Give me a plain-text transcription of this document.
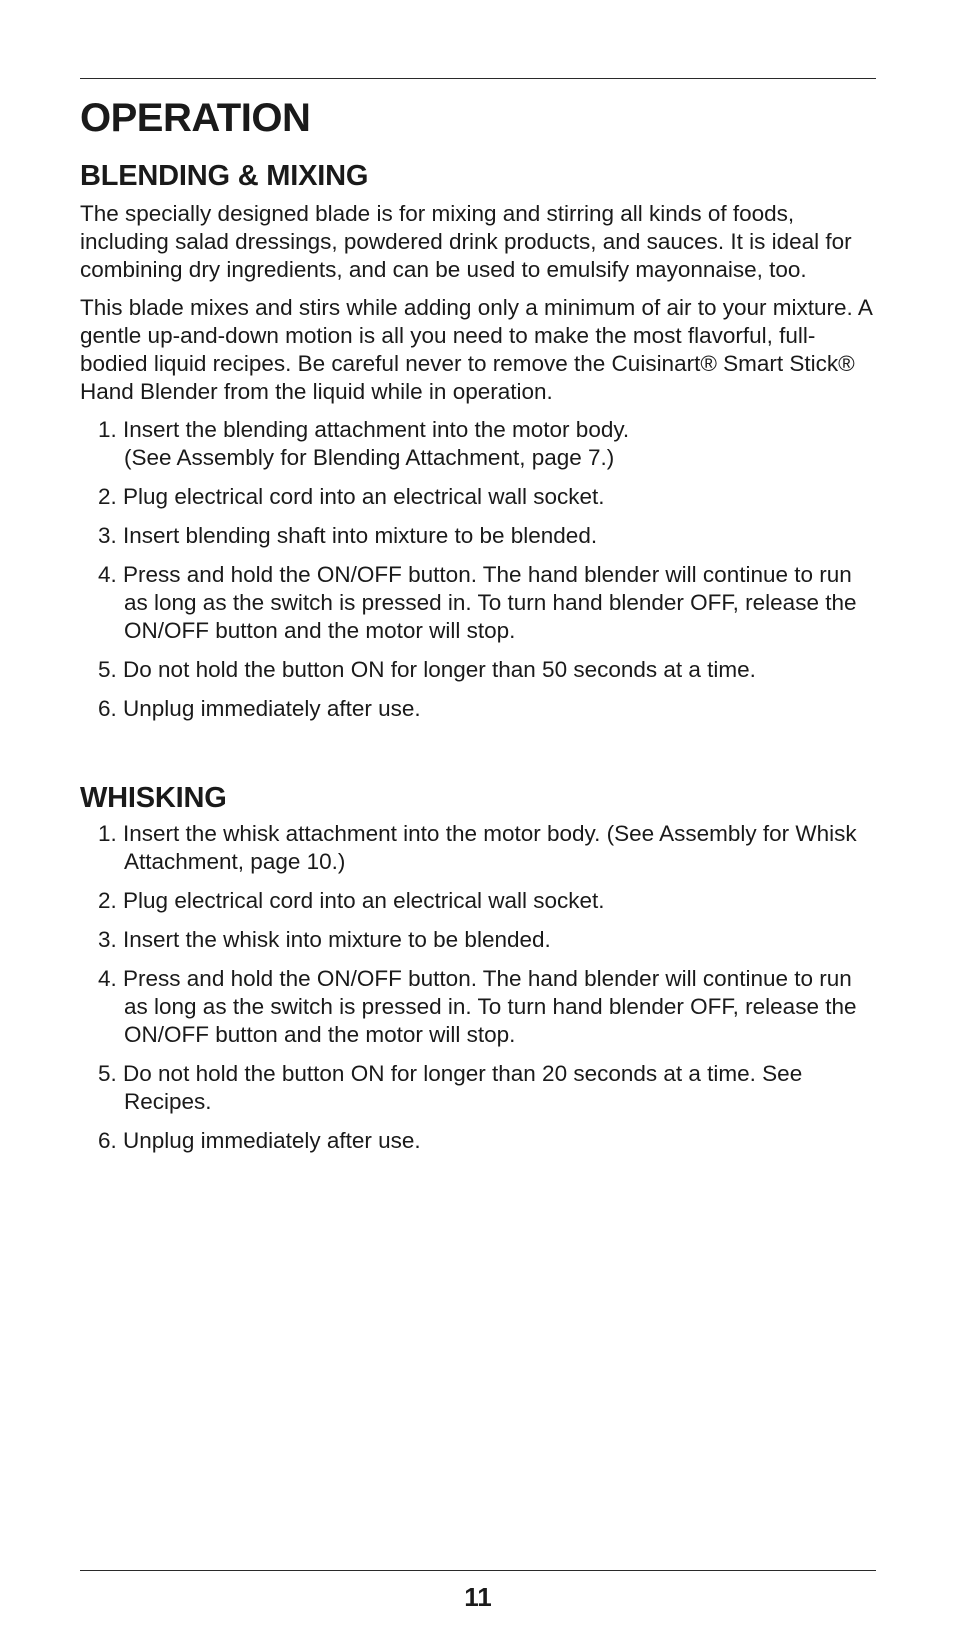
OPERATION
BLENDING & MIXING

The specially designed blade is for mixing and stirring all kinds of foods, including salad dressings, powdered drink products, and sauces. It is ideal for combining dry ingredients, and can be used to emulsify mayonnaise, too.

This blade mixes and stirs while adding only a minimum of air to your mixture. A gentle up-and-down motion is all you need to make the most flavorful, full-bodied liquid recipes. Be careful never to remove the Cuisinart® Smart Stick® Hand Blender from the liquid while in operation.

1. Insert the blending attachment into the motor body.
(See Assembly for Blending Attachment, page 7.)
2. Plug electrical cord into an electrical wall socket.
3. Insert blending shaft into mixture to be blended.
4. Press and hold the ON/OFF button. The hand blender will continue to run as long as the switch is pressed in. To turn hand blender OFF, release the ON/OFF button and the motor will stop.
5. Do not hold the button ON for longer than 50 seconds at a time.
6. Unplug immediately after use.
WHISKING
1. Insert the whisk attachment into the motor body. (See Assembly for Whisk Attachment, page 10.)
2. Plug electrical cord into an electrical wall socket.
3. Insert the whisk into mixture to be blended.
4. Press and hold the ON/OFF button. The hand blender will continue to run as long as the switch is pressed in. To turn hand blender OFF, release the ON/OFF button and the motor will stop.
5. Do not hold the button ON for longer than 20 seconds at a time. See Recipes.
6. Unplug immediately after use.
11
